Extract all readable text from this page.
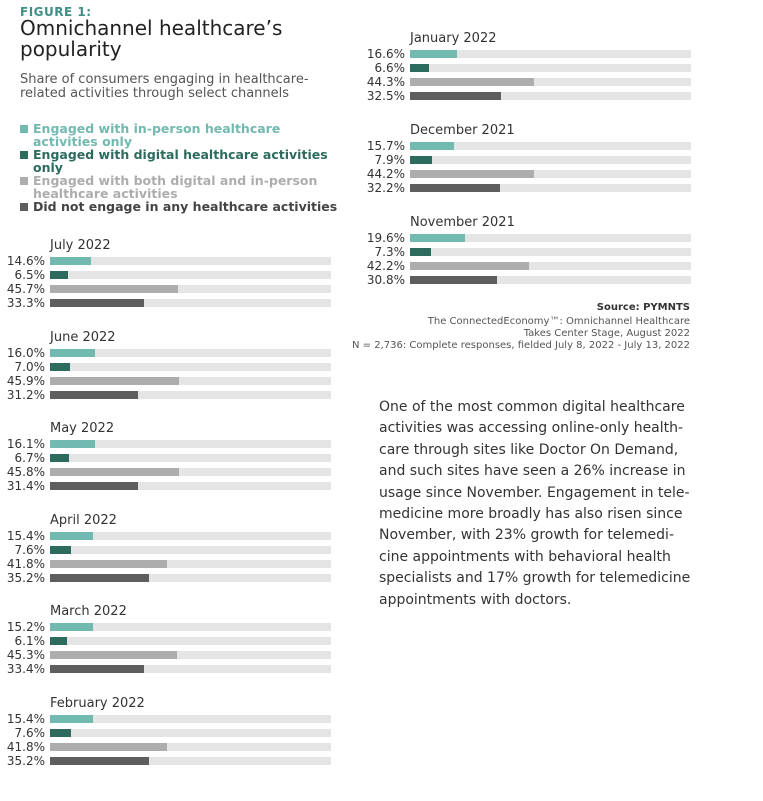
FIGURE 1:
Omnichannel healthcare’s popularity
Share of consumers engaging in healthcare-related activities through select channels
Engaged with in-person healthcare activities only
Engaged with digital healthcare activities only
Engaged with both digital and in-person healthcare activities
Did not engage in any healthcare activities
July 2022
14.6%
6.5%
45.7%
33.3%
June 2022
16.0%
7.0%
45.9%
31.2%
May 2022
16.1%
6.7%
45.8%
31.4%
April 2022
15.4%
7.6%
41.8%
35.2%
March 2022
15.2%
6.1%
45.3%
33.4%
February 2022
15.4%
7.6%
41.8%
35.2%
January 2022
16.6%
6.6%
44.3%
32.5%
December 2021
15.7%
7.9%
44.2%
32.2%
November 2021
19.6%
7.3%
42.2%
30.8%
Source: PYMNTS
The ConnectedEconomy™: Omnichannel Healthcare
Takes Center Stage, August 2022
N = 2,736: Complete responses, fielded July 8, 2022 - July 13, 2022
One of the most common digital healthcare activities was accessing online-only health-care through sites like Doctor On Demand, and such sites have seen a 26% increase in usage since November. Engagement in tele-medicine more broadly has also risen since November, with 23% growth for telemedi-cine appointments with behavioral health specialists and 17% growth for telemedicine appointments with doctors.
